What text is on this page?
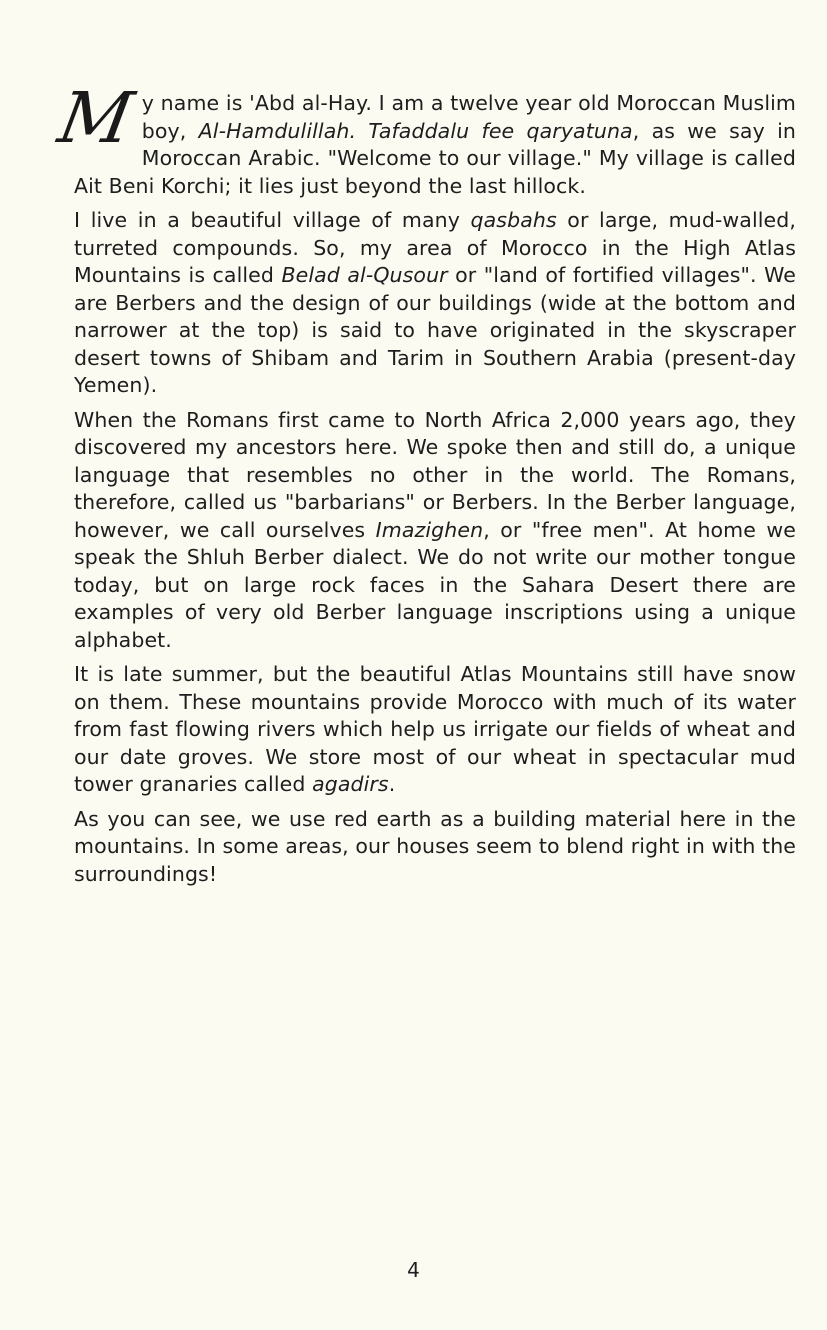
My name is 'Abd al-Hay. I am a twelve year old Moroccan Muslim boy, Al-Hamdulillah. Tafaddalu fee qaryatuna, as we say in Moroccan Arabic. "Welcome to our village." My village is called Ait Beni Korchi; it lies just beyond the last hillock.

I live in a beautiful village of many qasbahs or large, mud-walled, turreted compounds. So, my area of Morocco in the High Atlas Mountains is called Belad al-Qusour or "land of fortified villages". We are Berbers and the design of our buildings (wide at the bottom and narrower at the top) is said to have originated in the skyscraper desert towns of Shibam and Tarim in Southern Arabia (present-day Yemen).

When the Romans first came to North Africa 2,000 years ago, they discovered my ancestors here. We spoke then and still do, a unique language that resembles no other in the world. The Romans, therefore, called us "barbarians" or Berbers. In the Berber language, however, we call ourselves Imazighen, or "free men". At home we speak the Shluh Berber dialect. We do not write our mother tongue today, but on large rock faces in the Sahara Desert there are examples of very old Berber language inscriptions using a unique alphabet.

It is late summer, but the beautiful Atlas Mountains still have snow on them. These mountains provide Morocco with much of its water from fast flowing rivers which help us irrigate our fields of wheat and our date groves. We store most of our wheat in spectacular mud tower granaries called agadirs.

As you can see, we use red earth as a building material here in the mountains. In some areas, our houses seem to blend right in with the surroundings!

4
